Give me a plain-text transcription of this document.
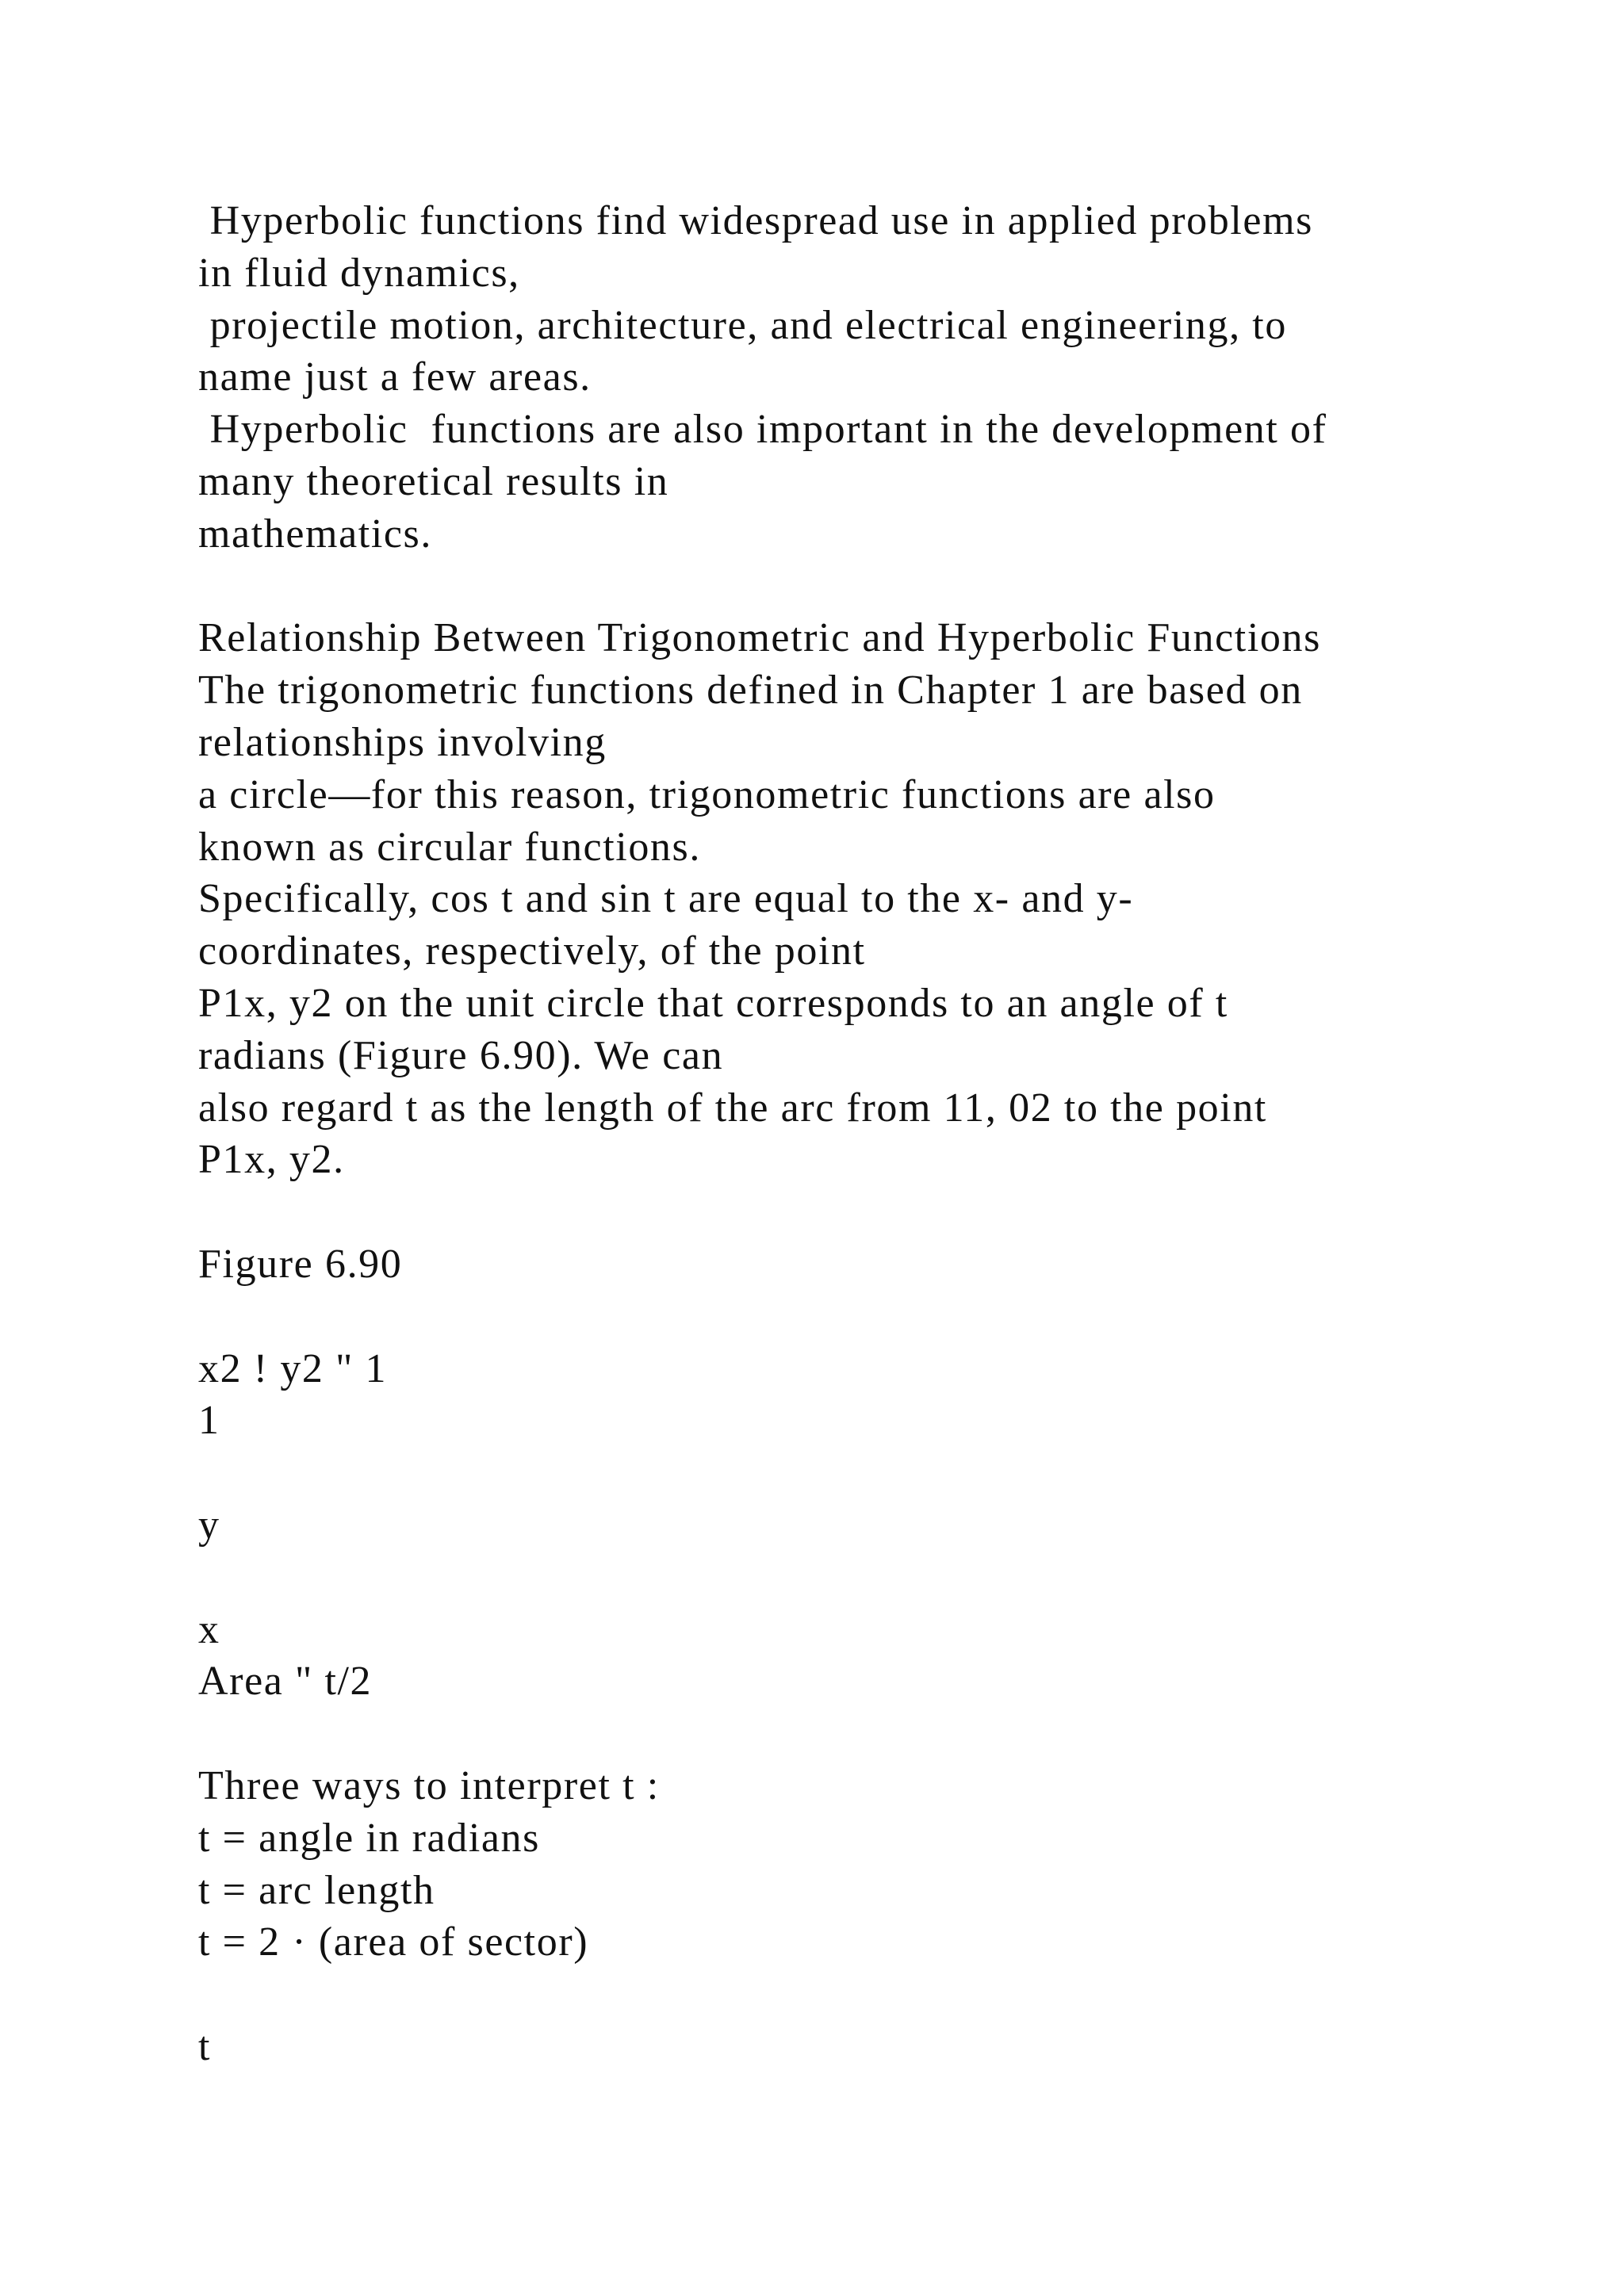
Hyperbolic functions find widespread use in applied problems
in fluid dynamics,
projectile motion, architecture, and electrical engineering, to
name just a few areas.
Hyperbolic  functions are also important in the development of
many theoretical results in
mathematics.
Relationship Between Trigonometric and Hyperbolic Functions
The trigonometric functions defined in Chapter 1 are based on
relationships involving
a circle—for this reason, trigonometric functions are also
known as circular functions.
Specifically, cos t and sin t are equal to the x- and y-
coordinates, respectively, of the point
P1x, y2 on the unit circle that corresponds to an angle of t
radians (Figure 6.90). We can
also regard t as the length of the arc from 11, 02 to the point
P1x, y2.
Figure 6.90
x2 ! y2 " 1
1
y
x
Area " t/2
Three ways to interpret t :
t = angle in radians
t = arc length
t = 2 · (area of sector)
t
